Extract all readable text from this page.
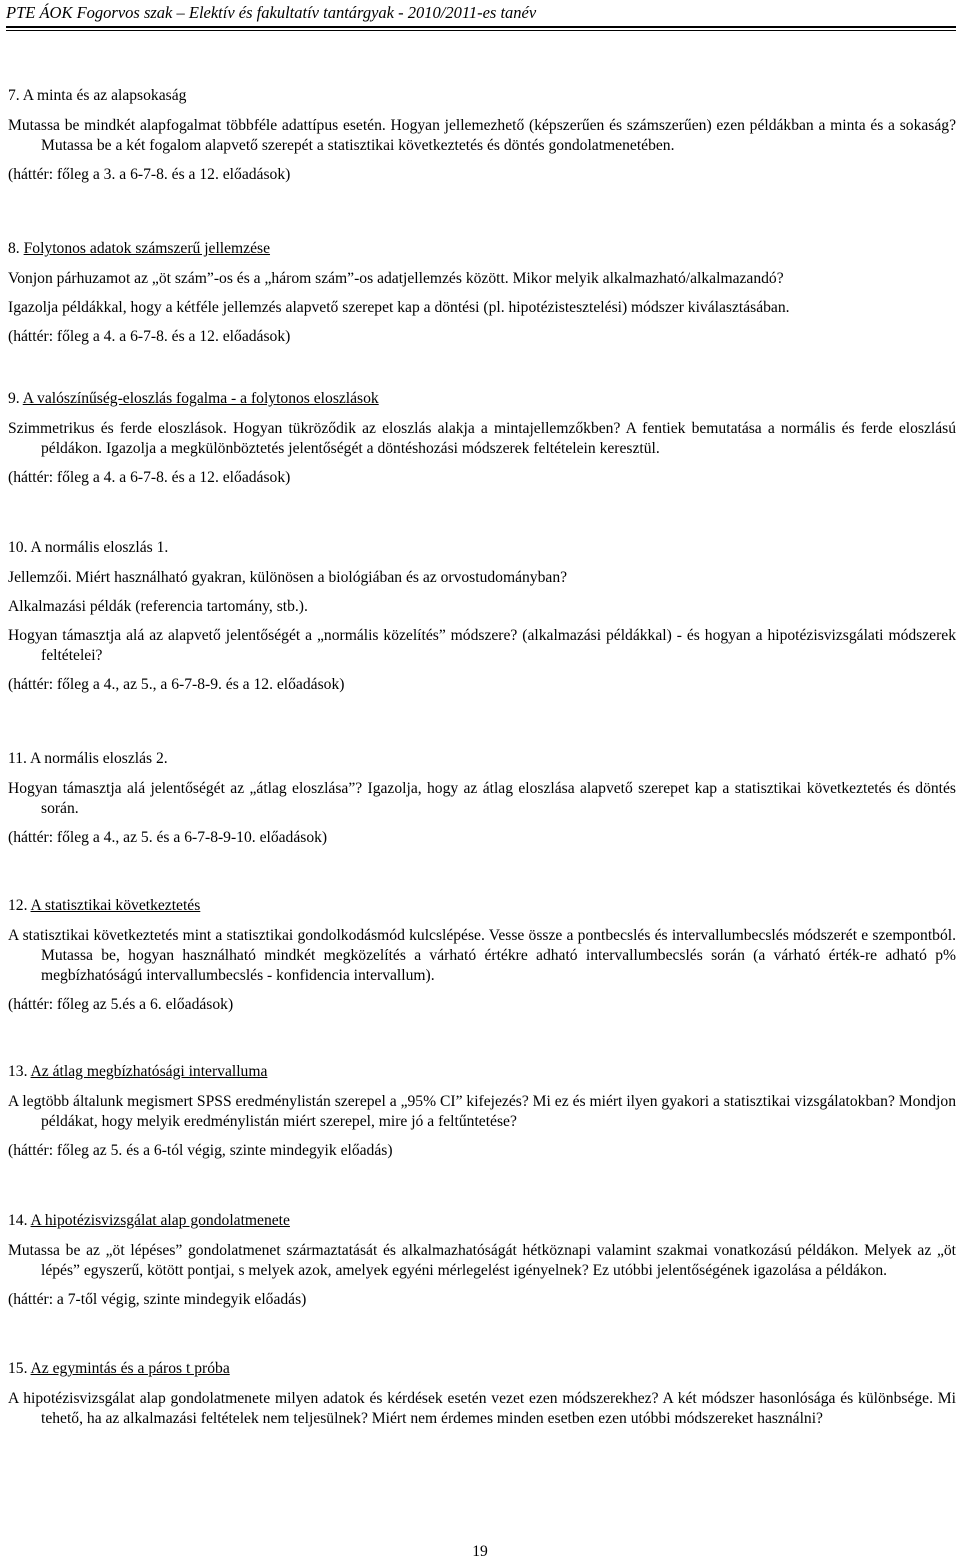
PTE ÁOK Fogorvos szak – Elektív és fakultatív tantárgyak - 2010/2011-es tanév
7. A minta és az alapsokaság

Mutassa be mindkét alapfogalmat többféle adattípus esetén. Hogyan jellemezhető (képszerűen és számszerűen) ezen példákban a minta és a sokaság? Mutassa be a két fogalom alapvető szerepét a statisztikai következtetés és döntés gondolatmenetében.

(háttér: főleg a 3. a 6-7-8. és a 12. előadások)

8. Folytonos adatok számszerű jellemzése

Vonjon párhuzamot az „öt szám”-os és a „három szám”-os adatjellemzés között. Mikor melyik alkalmazható/alkalmazandó?

Igazolja példákkal, hogy a kétféle jellemzés alapvető szerepet kap a döntési (pl. hipotézistesztelési) módszer kiválasztásában.

(háttér: főleg a 4. a 6-7-8. és a 12. előadások)

9. A valószínűség-eloszlás fogalma - a folytonos eloszlások

Szimmetrikus és ferde eloszlások. Hogyan tükröződik az eloszlás alakja a mintajellemzőkben? A fentiek bemutatása a normális és ferde eloszlású példákon. Igazolja a megkülönböztetés jelentőségét a döntéshozási módszerek feltételein keresztül.

(háttér: főleg a 4. a 6-7-8. és a 12. előadások)

10. A normális eloszlás 1.

Jellemzői. Miért használható gyakran, különösen a biológiában és az orvostudományban?

Alkalmazási példák (referencia tartomány, stb.).

Hogyan támasztja alá az alapvető jelentőségét a „normális közelítés” módszere? (alkalmazási példákkal) - és hogyan a hipotézisvizsgálati módszerek feltételei?

(háttér: főleg a 4., az 5., a 6-7-8-9. és a 12. előadások)

11. A normális eloszlás 2.

Hogyan támasztja alá jelentőségét az „átlag eloszlása”? Igazolja, hogy az átlag eloszlása alapvető szerepet kap a statisztikai következtetés és döntés során.

(háttér: főleg a 4., az 5. és a 6-7-8-9-10. előadások)

12. A statisztikai következtetés

A statisztikai következtetés mint a statisztikai gondolkodásmód kulcslépése. Vesse össze a pontbecslés és intervallumbecslés módszerét e szempontból. Mutassa be, hogyan használható mindkét megközelítés a várható értékre adható intervallumbecslés során (a várható érték-re adható p% megbízhatóságú intervallumbecslés - konfidencia intervallum).

(háttér: főleg az 5.és a 6. előadások)

13. Az átlag megbízhatósági intervalluma

A legtöbb általunk megismert SPSS eredménylistán szerepel a „95% CI” kifejezés? Mi ez és miért ilyen gyakori a statisztikai vizsgálatokban? Mondjon példákat, hogy melyik eredménylistán miért szerepel, mire jó a feltűntetése?

(háttér: főleg az 5. és a 6-tól végig, szinte mindegyik előadás)

14. A hipotézisvizsgálat alap gondolatmenete

Mutassa be az „öt lépéses” gondolatmenet származtatását és alkalmazhatóságát hétköznapi valamint szakmai vonatkozású példákon. Melyek az „öt lépés” egyszerű, kötött pontjai, s melyek azok, amelyek egyéni mérlegelést igényelnek? Ez utóbbi jelentőségének igazolása a példákon.

(háttér: a 7-től végig, szinte mindegyik előadás)

15. Az egymintás és a páros t próba

A hipotézisvizsgálat alap gondolatmenete milyen adatok és kérdések esetén vezet ezen módszerekhez? A két módszer hasonlósága és különbsége. Mi tehető, ha az alkalmazási feltételek nem teljesülnek? Miért nem érdemes minden esetben ezen utóbbi módszereket használni?

19
